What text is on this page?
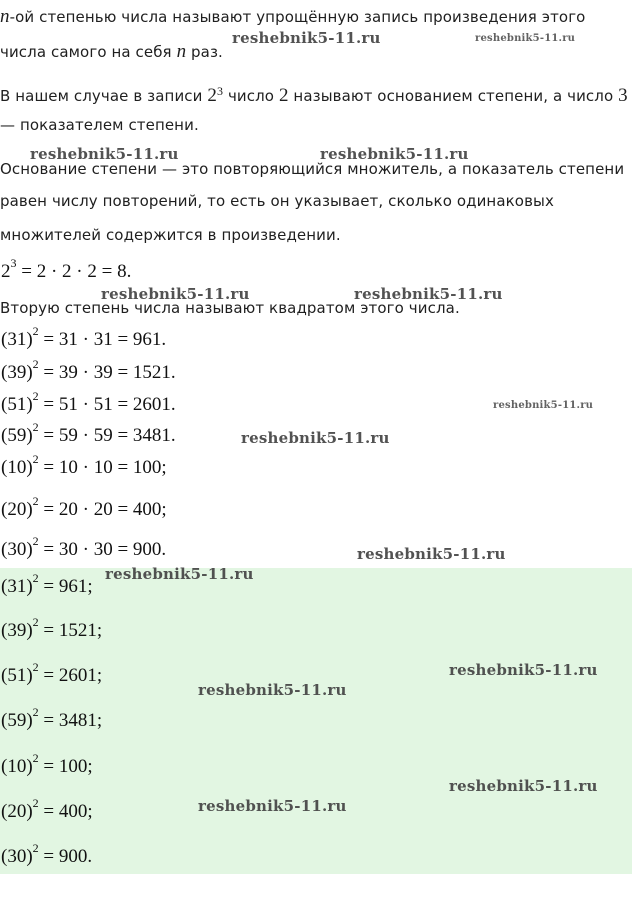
n-ой степенью числа называют упрощённую запись произведения этого
числа самого на себя n раз.
В нашем случае в записи $2^3$ число 2 называют основанием степени, а число 3
— показателем степени.
Основание степени — это повторяющийся множитель, а показатель степени
равен числу повторений, то есть он указывает, сколько одинаковых
множителей содержится в произведении.
$2^3 = 2 \cdot 2 \cdot 2 = 8$.
Вторую степень числа называют квадратом этого числа.
$(31)^2 = 31 \cdot 31 = 961$.
$(39)^2 = 39 \cdot 39 = 1521$.
$(51)^2 = 51 \cdot 51 = 2601$.
$(59)^2 = 59 \cdot 59 = 3481$.
$(10)^2 = 10 \cdot 10 = 100$;
$(20)^2 = 20 \cdot 20 = 400$;
$(30)^2 = 30 \cdot 30 = 900$.
$(31)^2 = 961$;
$(39)^2 = 1521$;
$(51)^2 = 2601$;
$(59)^2 = 3481$;
$(10)^2 = 100$;
$(20)^2 = 400$;
$(30)^2 = 900$.
reshebnik5-11.ru	reshebnik5-11.ru
reshebnik5-11.ru	reshebnik5-11.ru
reshebnik5-11.ru	reshebnik5-11.ru
reshebnik5-11.ru
reshebnik5-11.ru
reshebnik5-11.ru
reshebnik5-11.ru
reshebnik5-11.ru
reshebnik5-11.ru
reshebnik5-11.ru
reshebnik5-11.ru
